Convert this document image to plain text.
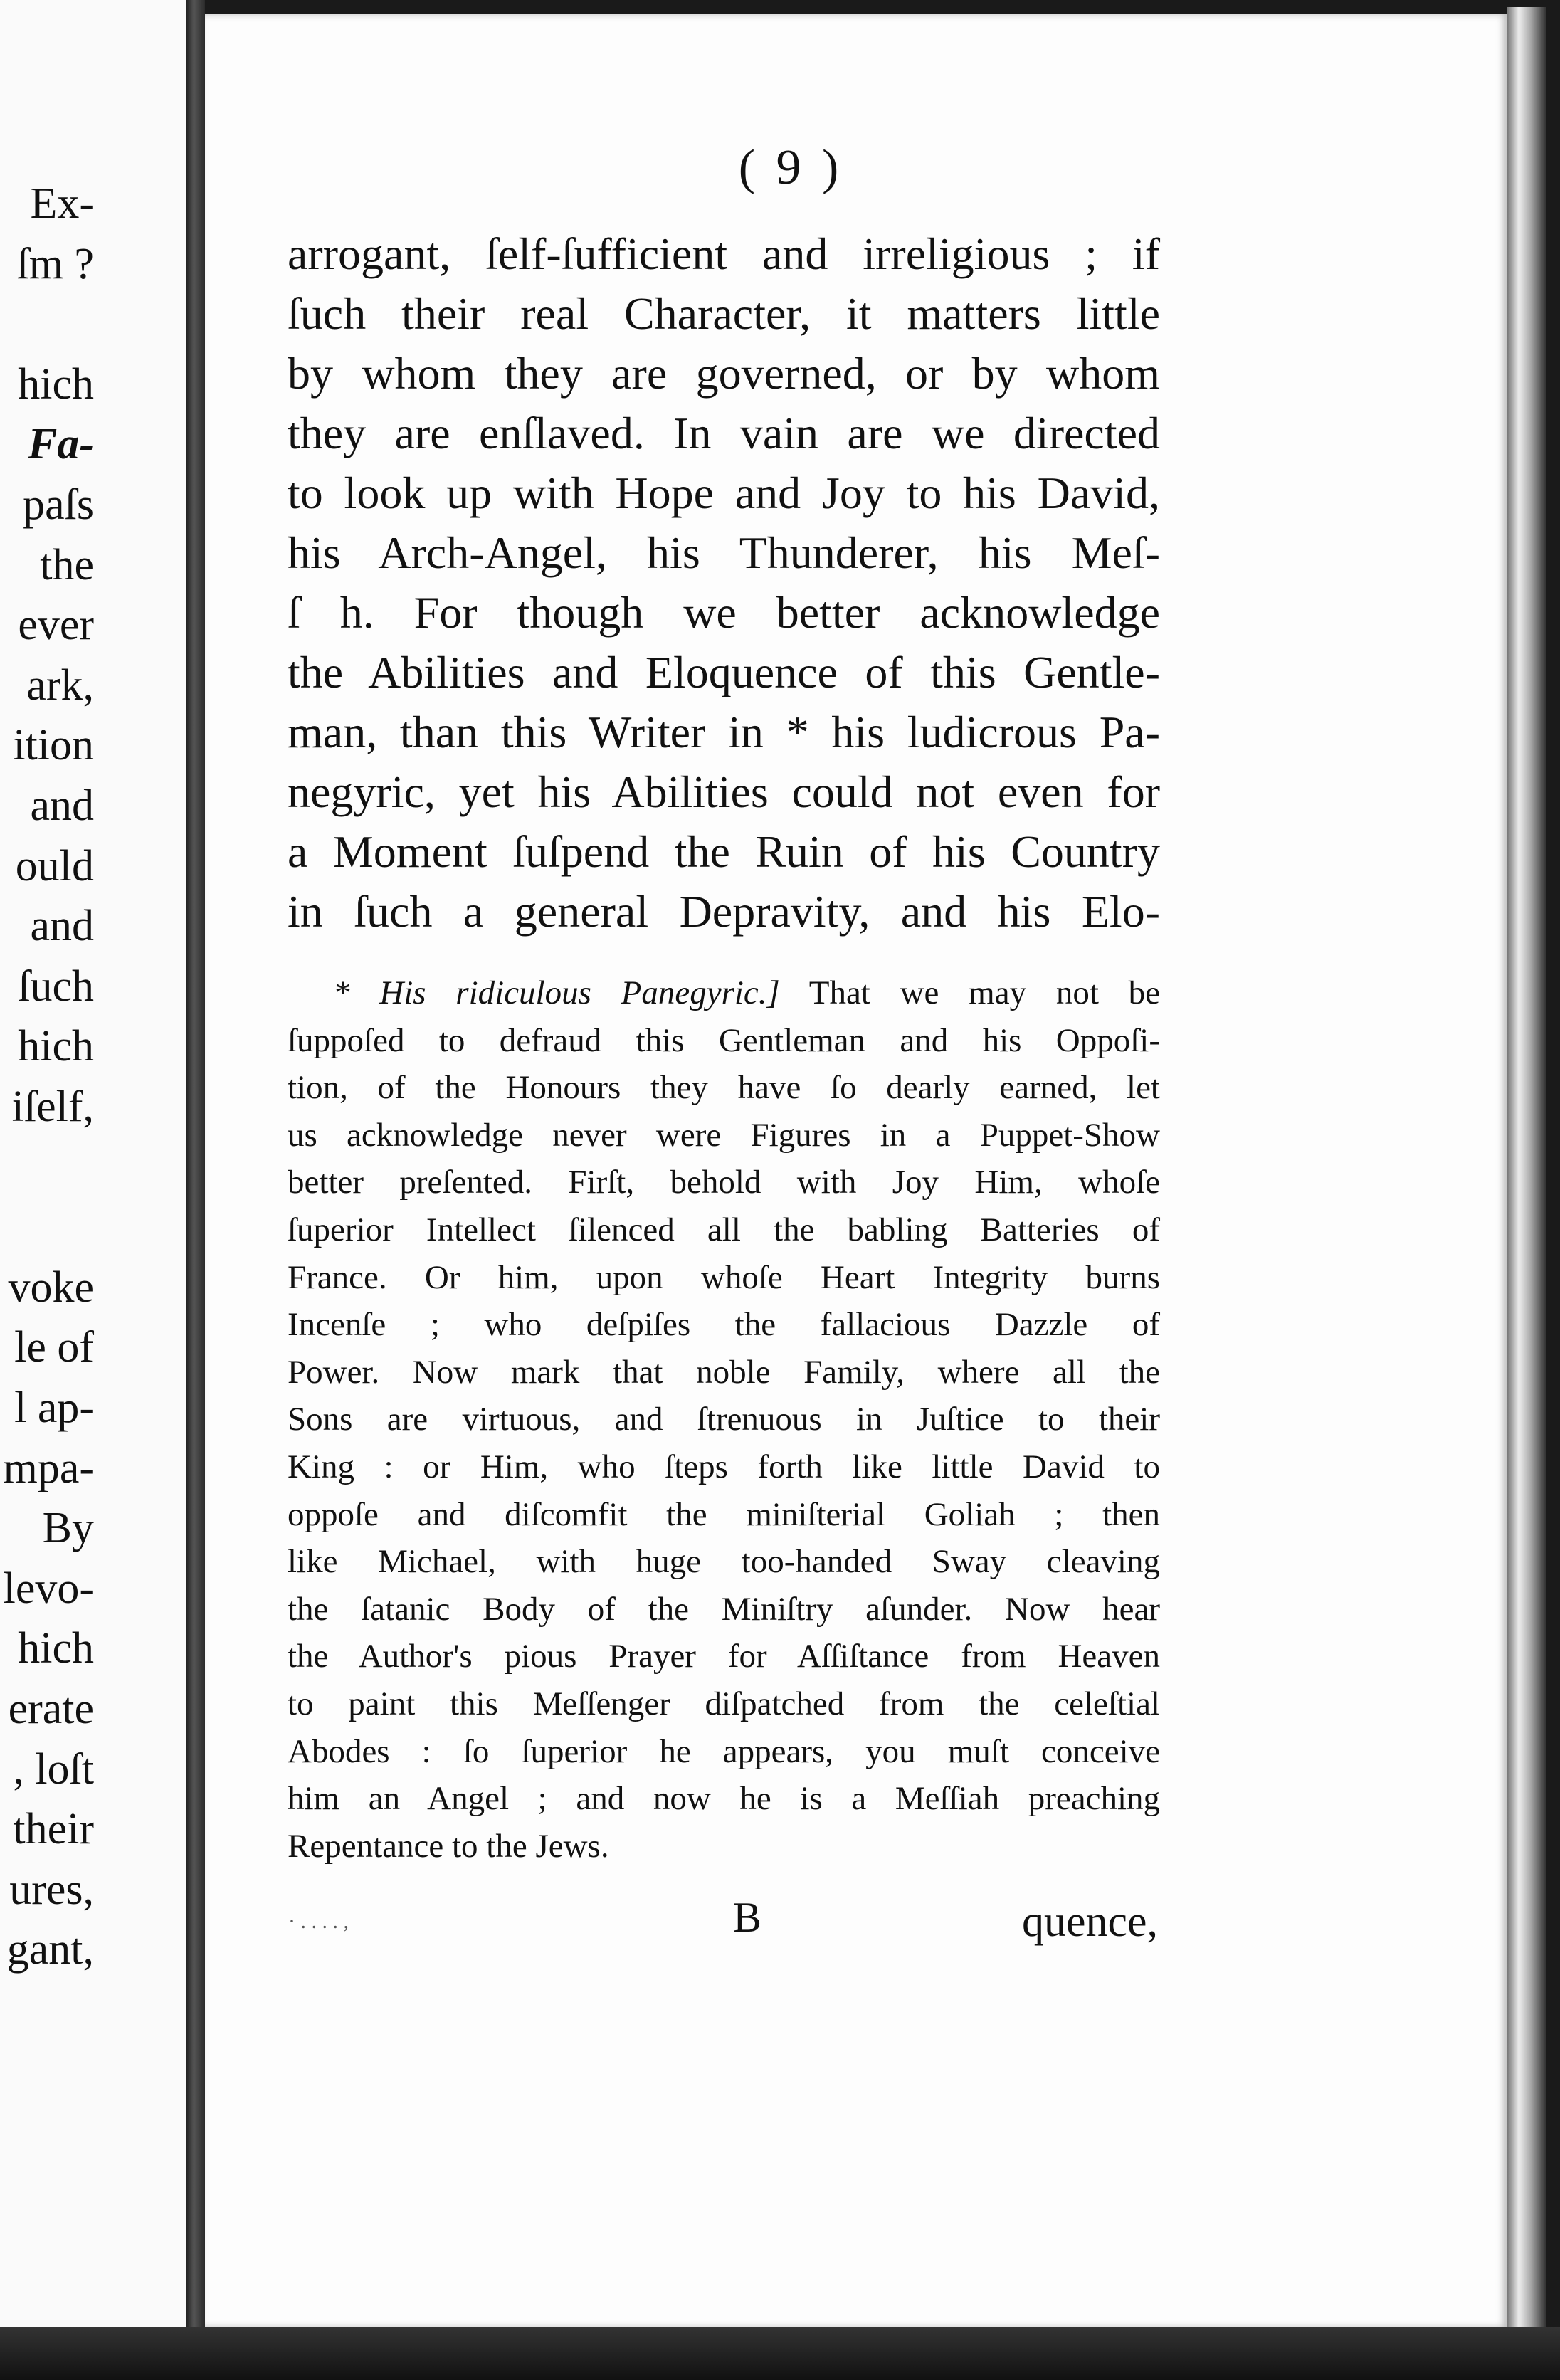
Ex-
ſm ?
hich
Fa-
paſs
the
ever
ark,
ition
and
ould
and
ſuch
hich
iſelf,
voke
le of
l ap-
mpa-
By
levo-
hich
erate
, loſt
their
ures,
gant,
( 9 )
arrogant, ſelf-ſufficient and irreligious ; if
ſuch their real Character, it matters little
by whom they are governed, or by whom
they are enſlaved. In vain are we directed
to look up with Hope and Joy to his David,
his Arch-Angel, his Thunderer, his Meſ-
ſ h. For though we better acknowledge
the Abilities and Eloquence of this Gentle-
man, than this Writer in * his ludicrous Pa-
negyric, yet his Abilities could not even for
a Moment ſuſpend the Ruin of his Country
in ſuch a general Depravity, and his Elo-
* His ridiculous Panegyric.] That we may not be
ſuppoſed to defraud this Gentleman and his Oppoſi-
tion, of the Honours they have ſo dearly earned, let
us acknowledge never were Figures in a Puppet-Show
better preſented. Firſt, behold with Joy Him, whoſe
ſuperior Intellect ſilenced all the babling Batteries of
France. Or him, upon whoſe Heart Integrity burns
Incenſe ; who deſpiſes the fallacious Dazzle of
Power. Now mark that noble Family, where all the
Sons are virtuous, and ſtrenuous in Juſtice to their
King : or Him, who ſteps forth like little David to
oppoſe and diſcomfit the miniſterial Goliah ; then
like Michael, with huge too-handed Sway cleaving
the ſatanic Body of the Miniſtry aſunder. Now hear
the Author's pious Prayer for Aſſiſtance from Heaven
to paint this Meſſenger diſpatched from the celeſtial
Abodes : ſo ſuperior he appears, you muſt conceive
him an Angel ; and now he is a Meſſiah preaching
Repentance to the Jews.
· . . . . ,	B	quence,
